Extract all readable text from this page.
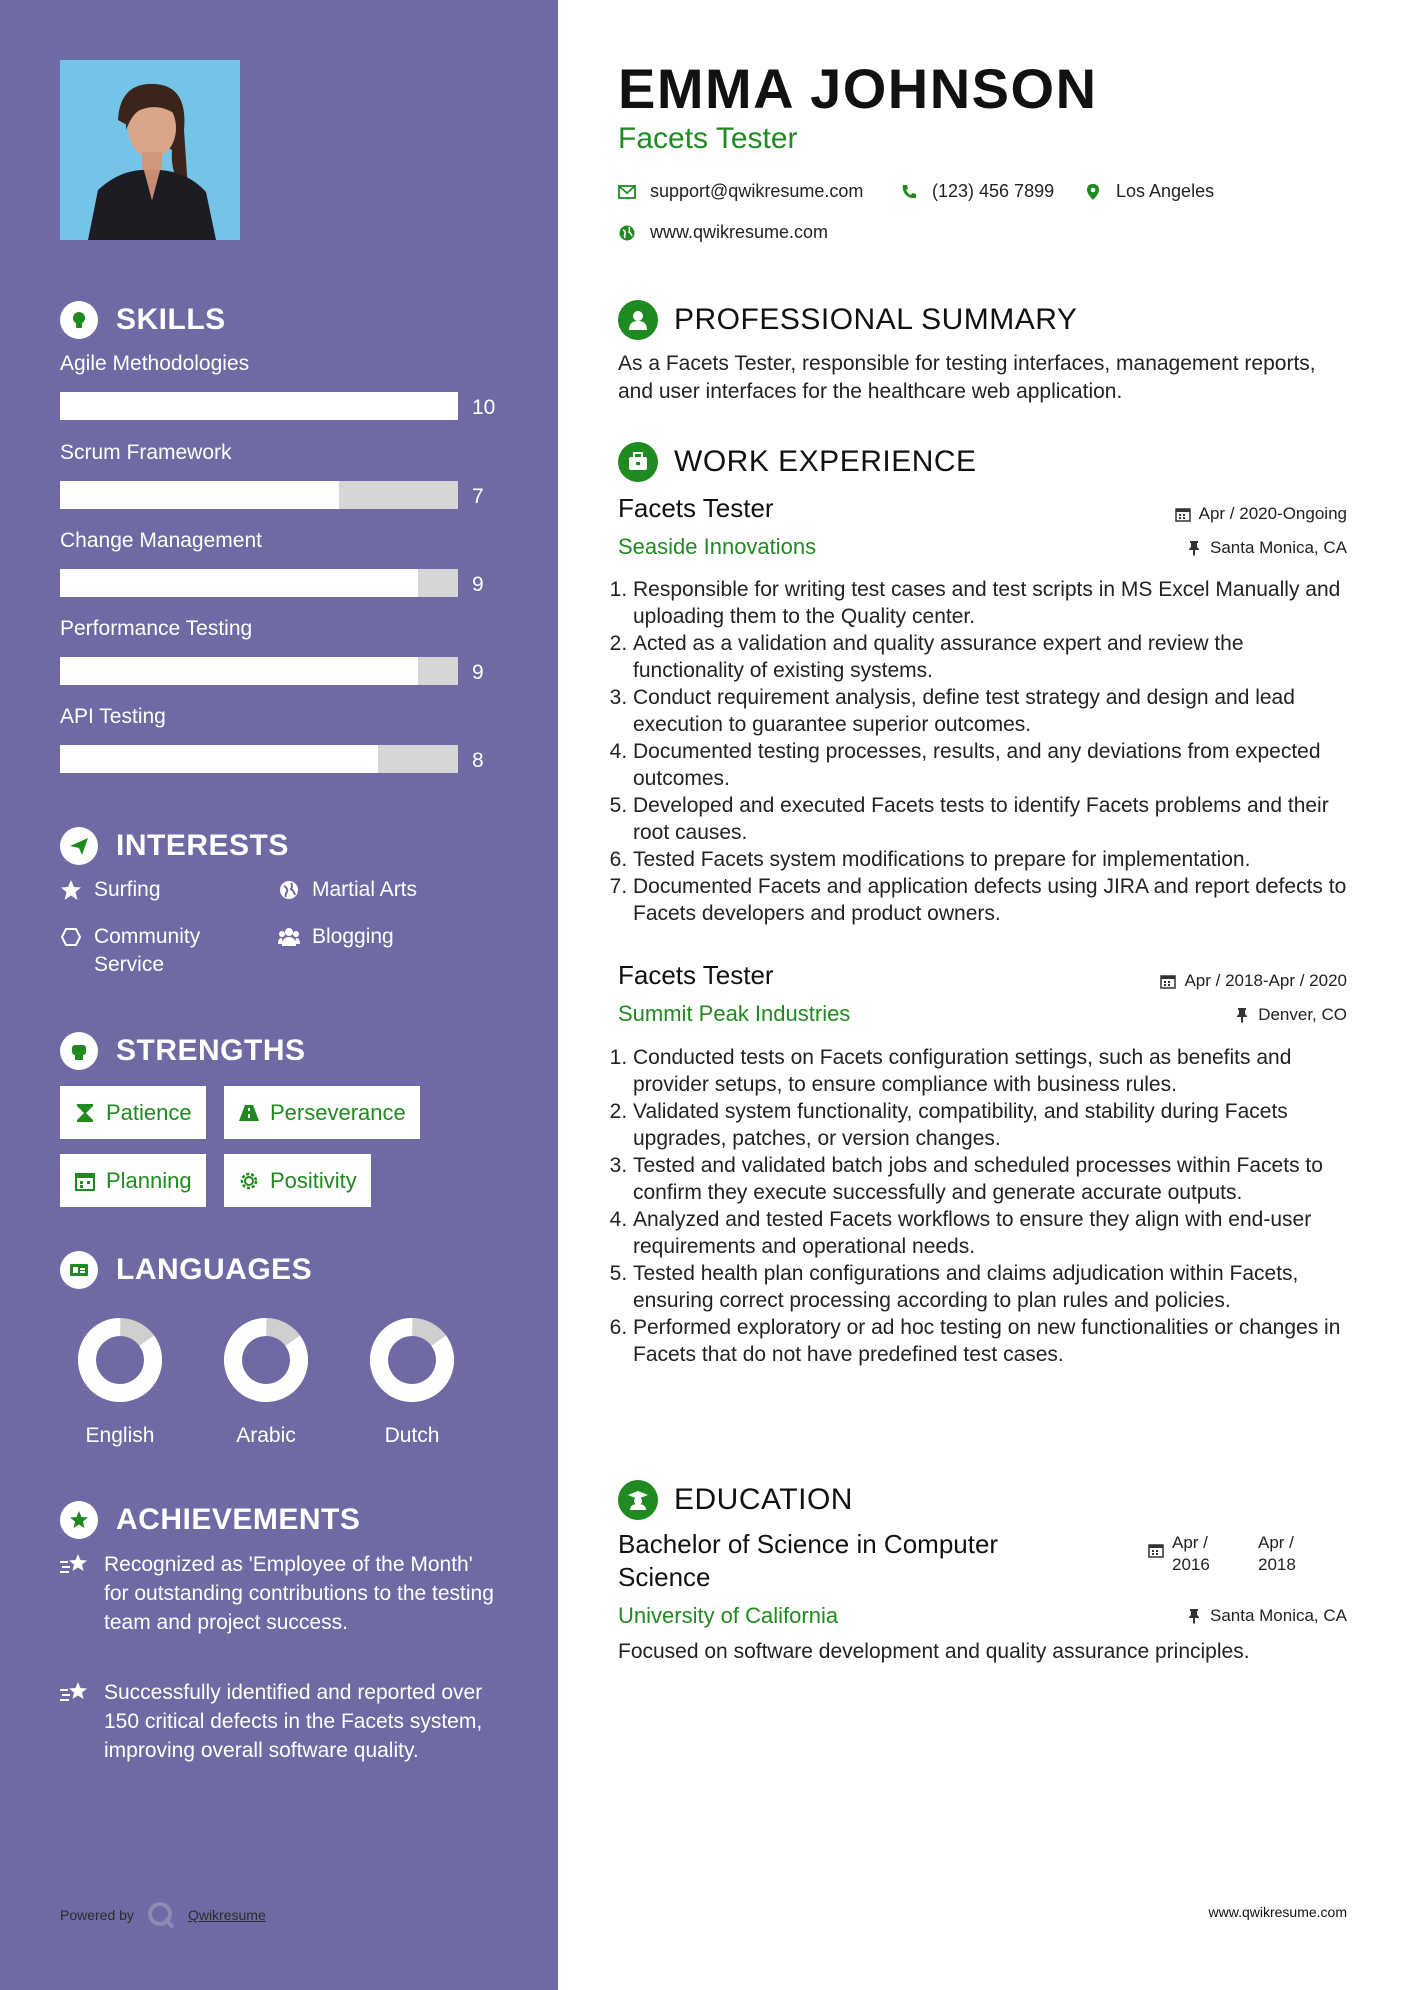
SKILLS
Agile Methodologies
10
Scrum Framework
7
Change Management
9
Performance Testing
9
API Testing
8
INTERESTS
Surfing	Martial Arts
Community Service
Blogging
STRENGTHS
Patience	Perseverance
Planning	Positivity
LANGUAGES
English	Arabic	Dutch
ACHIEVEMENTS
Recognized as 'Employee of the Month' for outstanding contributions to the testing team and project success.
Successfully identified and reported over 150 critical defects in the Facets system, improving overall software quality.
Powered by	Qwikresume
EMMA JOHNSON
Facets Tester
support@qwikresume.com	(123) 456 7899	Los Angeles
www.qwikresume.com
PROFESSIONAL SUMMARY
As a Facets Tester, responsible for testing interfaces, management reports, and user interfaces for the healthcare web application.
WORK EXPERIENCE
Facets Tester	Apr / 2020-Ongoing
Seaside Innovations	Santa Monica, CA
1. Responsible for writing test cases and test scripts in MS Excel Manually and uploading them to the Quality center.
2. Acted as a validation and quality assurance expert and review the functionality of existing systems.
3. Conduct requirement analysis, define test strategy and design and lead execution to guarantee superior outcomes.
4. Documented testing processes, results, and any deviations from expected outcomes.
5. Developed and executed Facets tests to identify Facets problems and their root causes.
6. Tested Facets system modifications to prepare for implementation.
7. Documented Facets and application defects using JIRA and report defects to Facets developers and product owners.
Facets Tester	Apr / 2018-Apr / 2020
Summit Peak Industries	Denver, CO
1. Conducted tests on Facets configuration settings, such as benefits and provider setups, to ensure compliance with business rules.
2. Validated system functionality, compatibility, and stability during Facets upgrades, patches, or version changes.
3. Tested and validated batch jobs and scheduled processes within Facets to confirm they execute successfully and generate accurate outputs.
4. Analyzed and tested Facets workflows to ensure they align with end-user requirements and operational needs.
5. Tested health plan configurations and claims adjudication within Facets, ensuring correct processing according to plan rules and policies.
6. Performed exploratory or ad hoc testing on new functionalities or changes in Facets that do not have predefined test cases.
EDUCATION
Bachelor of Science in Computer Science
Apr /
2016
Apr /
2018
University of California	Santa Monica, CA
Focused on software development and quality assurance principles.
www.qwikresume.com
